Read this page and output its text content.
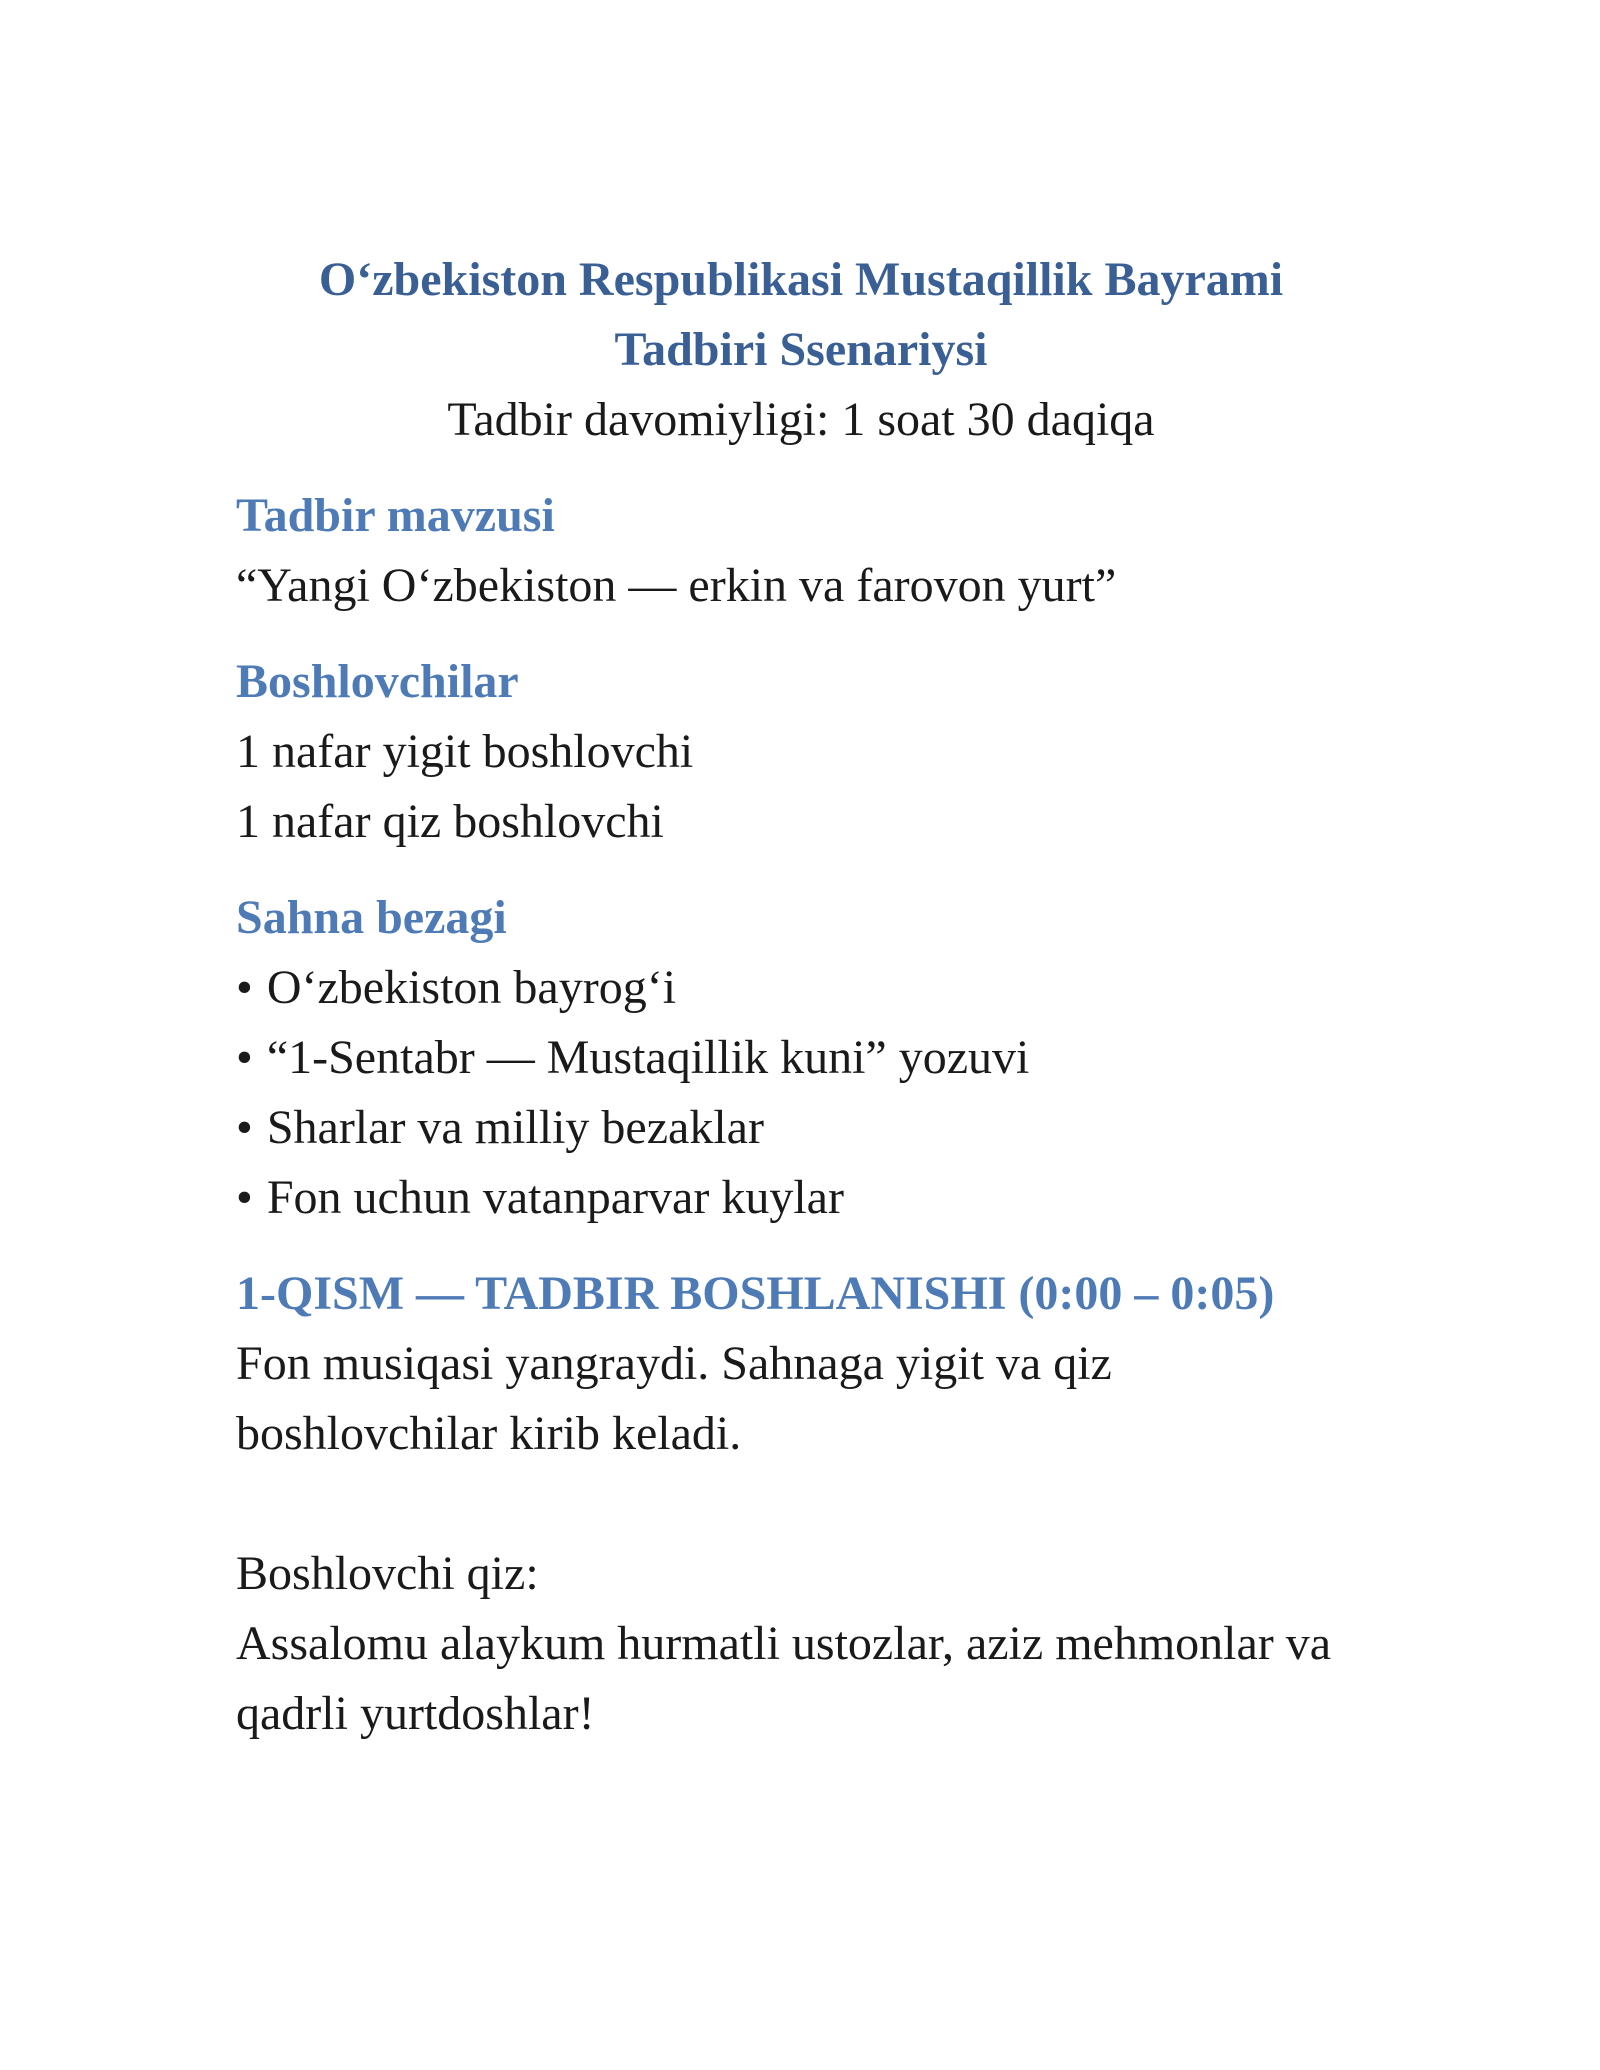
O‘zbekiston Respublikasi Mustaqillik Bayrami

Tadbiri Ssenariysi

Tadbir davomiyligi: 1 soat 30 daqiqa

Tadbir mavzusi

“Yangi O‘zbekiston — erkin va farovon yurt”

Boshlovchilar

1 nafar yigit boshlovchi

1 nafar qiz boshlovchi

Sahna bezagi

• O‘zbekiston bayrog‘i
• “1-Sentabr — Mustaqillik kuni” yozuvi
• Sharlar va milliy bezaklar
• Fon uchun vatanparvar kuylar

1-QISM — TADBIR BOSHLANISHI (0:00 – 0:05)

Fon musiqasi yangraydi. Sahnaga yigit va qiz boshlovchilar kirib keladi.

Boshlovchi qiz:

Assalomu alaykum hurmatli ustozlar, aziz mehmonlar va qadrli yurtdoshlar!
